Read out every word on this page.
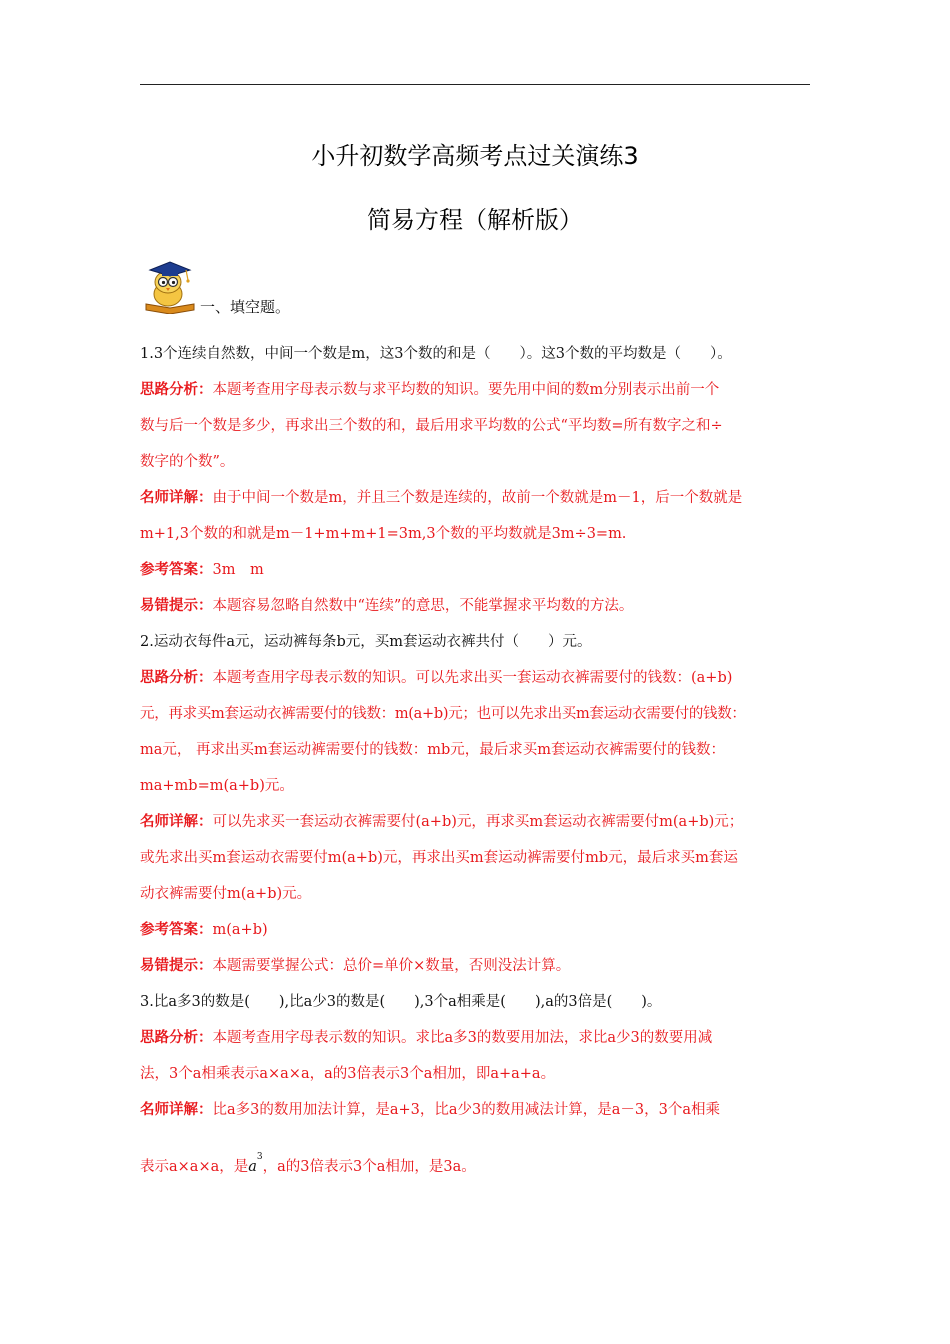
小升初数学高频考点过关演练3
简易方程（解析版）
一、填空题。
1.3个连续自然数，中间一个数是m，这3个数的和是（　　）。这3个数的平均数是（　　）。
思路分析：本题考查用字母表示数与求平均数的知识。要先用中间的数m分别表示出前一个
数与后一个数是多少，再求出三个数的和，最后用求平均数的公式“平均数=所有数字之和÷
数字的个数”。
名师详解：由于中间一个数是m，并且三个数是连续的，故前一个数就是m－1，后一个数就是
m+1,3个数的和就是m－1+m+m+1=3m,3个数的平均数就是3m÷3=m.
参考答案：3m　m
易错提示：本题容易忽略自然数中“连续”的意思，不能掌握求平均数的方法。
2.运动衣每件a元，运动裤每条b元，买m套运动衣裤共付（　　）元。
思路分析：本题考查用字母表示数的知识。可以先求出买一套运动衣裤需要付的钱数：(a+b)
元，再求买m套运动衣裤需要付的钱数：m(a+b)元；也可以先求出买m套运动衣需要付的钱数：
ma元， 再求出买m套运动裤需要付的钱数：mb元，最后求买m套运动衣裤需要付的钱数：
ma+mb=m(a+b)元。
名师详解：可以先求买一套运动衣裤需要付(a+b)元，再求买m套运动衣裤需要付m(a+b)元；
或先求出买m套运动衣需要付m(a+b)元，再求出买m套运动裤需要付mb元，最后求买m套运
动衣裤需要付m(a+b)元。
参考答案：m(a+b)
易错提示：本题需要掌握公式：总价=单价×数量，否则没法计算。
3.比a多3的数是(　　),比a少3的数是(　　),3个a相乘是(　　),a的3倍是(　　)。
思路分析：本题考查用字母表示数的知识。求比a多3的数要用加法，求比a少3的数要用减
法，3个a相乘表示a×a×a，a的3倍表示3个a相加，即a+a+a。
名师详解：比a多3的数用加法计算，是a+3，比a少3的数用减法计算，是a－3，3个a相乘
表示a×a×a，是$a^3$，a的3倍表示3个a相加，是3a。
